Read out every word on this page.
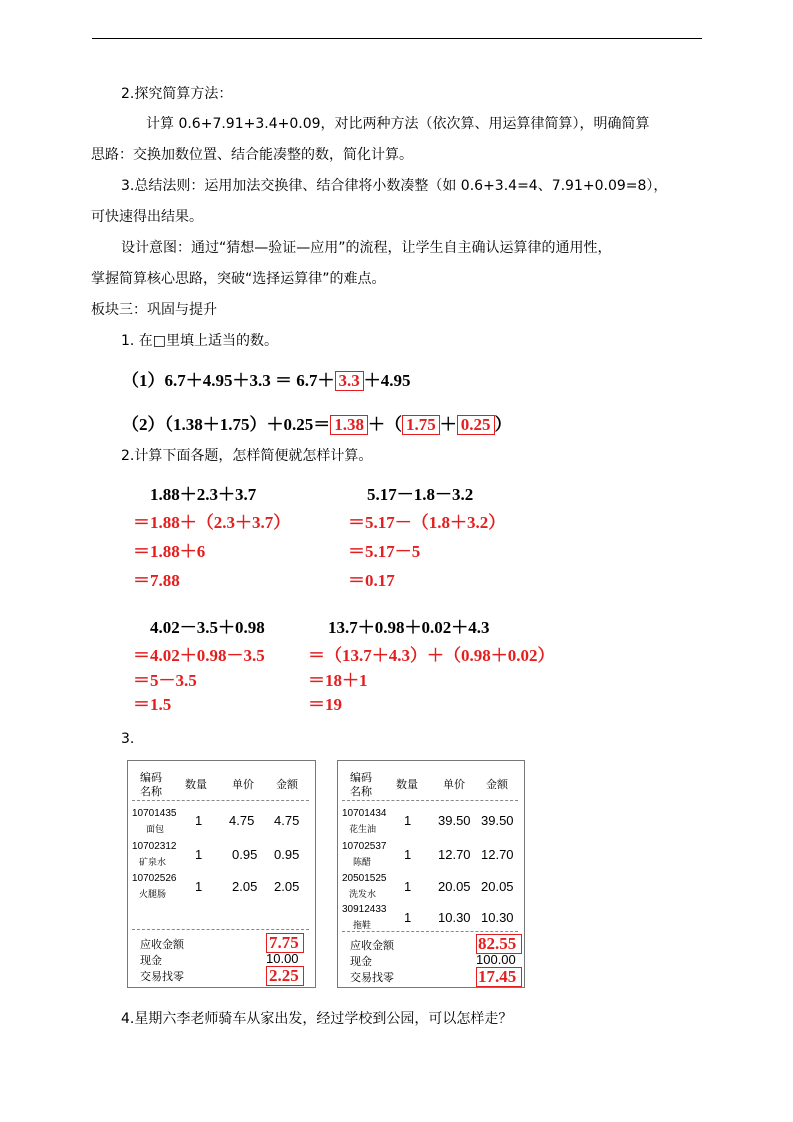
2.探究简算方法：
计算 0.6+7.91+3.4+0.09，对比两种方法（依次算、用运算律简算），明确简算
思路：交换加数位置、结合能凑整的数，简化计算。
3.总结法则：运用加法交换律、结合律将小数凑整（如 0.6+3.4=4、7.91+0.09=8），
可快速得出结果。
设计意图：通过“猜想—验证—应用”的流程，让学生自主确认运算律的通用性，
掌握简算核心思路，突破“选择运算律”的难点。
板块三：巩固与提升
1. 在□里填上适当的数。
（1）6.7＋4.95＋3.3 ＝ 6.7＋ 3.3 ＋4.95
（2）（1.38＋1.75）＋0.25＝ 1.38 ＋（ 1.75 ＋ 0.25 ）
2.计算下面各题，怎样简便就怎样计算。
1.88＋2.3＋3.7
＝1.88＋（2.3＋3.7）
＝1.88＋6
＝7.88
5.17－1.8－3.2
＝5.17－（1.8＋3.2）
＝5.17－5
＝0.17
4.02－3.5＋0.98
＝4.02＋0.98－3.5
＝5－3.5
＝1.5
13.7＋0.98＋0.02＋4.3
＝（13.7＋4.3）＋（0.98＋0.02）
＝18＋1
＝19
3.
编码
名称
数量 单价 金额
10701435
面包
1 4.75 4.75
10702312
矿泉水
1 0.95 0.95
10702526
火腿肠
1 2.05 2.05
应收金额	7.75
现金	10.00
交易找零	2.25
编码
名称
数量 单价 金额
10701434
花生油
1 39.50 39.50
10702537
陈醋
1 12.70 12.70
20501525
洗发水
1 20.05 20.05
30912433
拖鞋
1 10.30 10.30
应收金额	82.55
现金	100.00
交易找零	17.45
4.星期六李老师骑车从家出发，经过学校到公园，可以怎样走？
